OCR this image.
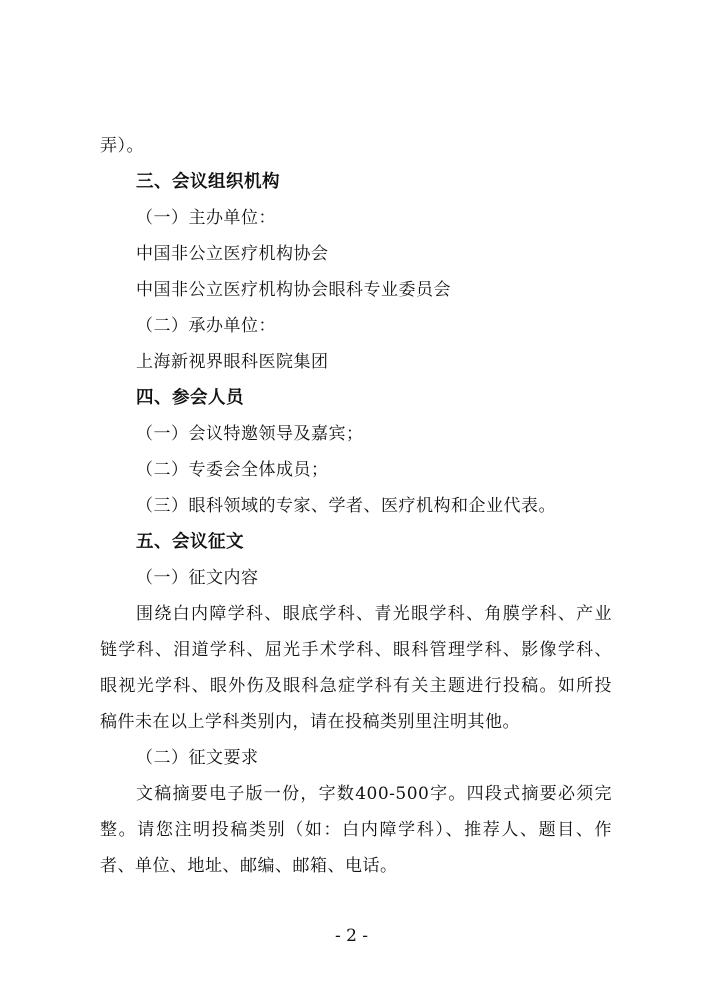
弄）。
三、会议组织机构
（一）主办单位：
中国非公立医疗机构协会
中国非公立医疗机构协会眼科专业委员会
（二）承办单位：
上海新视界眼科医院集团
四、参会人员
（一）会议特邀领导及嘉宾；
（二）专委会全体成员；
（三）眼科领域的专家、学者、医疗机构和企业代表。
五、会议征文
（一）征文内容
围绕白内障学科、眼底学科、青光眼学科、角膜学科、产业
链学科、泪道学科、屈光手术学科、眼科管理学科、影像学科、
眼视光学科、眼外伤及眼科急症学科有关主题进行投稿。如所投
稿件未在以上学科类别内，请在投稿类别里注明其他。
（二）征文要求
文稿摘要电子版一份，字数400-500字。四段式摘要必须完
整。请您注明投稿类别（如：白内障学科）、推荐人、题目、作
者、单位、地址、邮编、邮箱、电话。
- 2 -
